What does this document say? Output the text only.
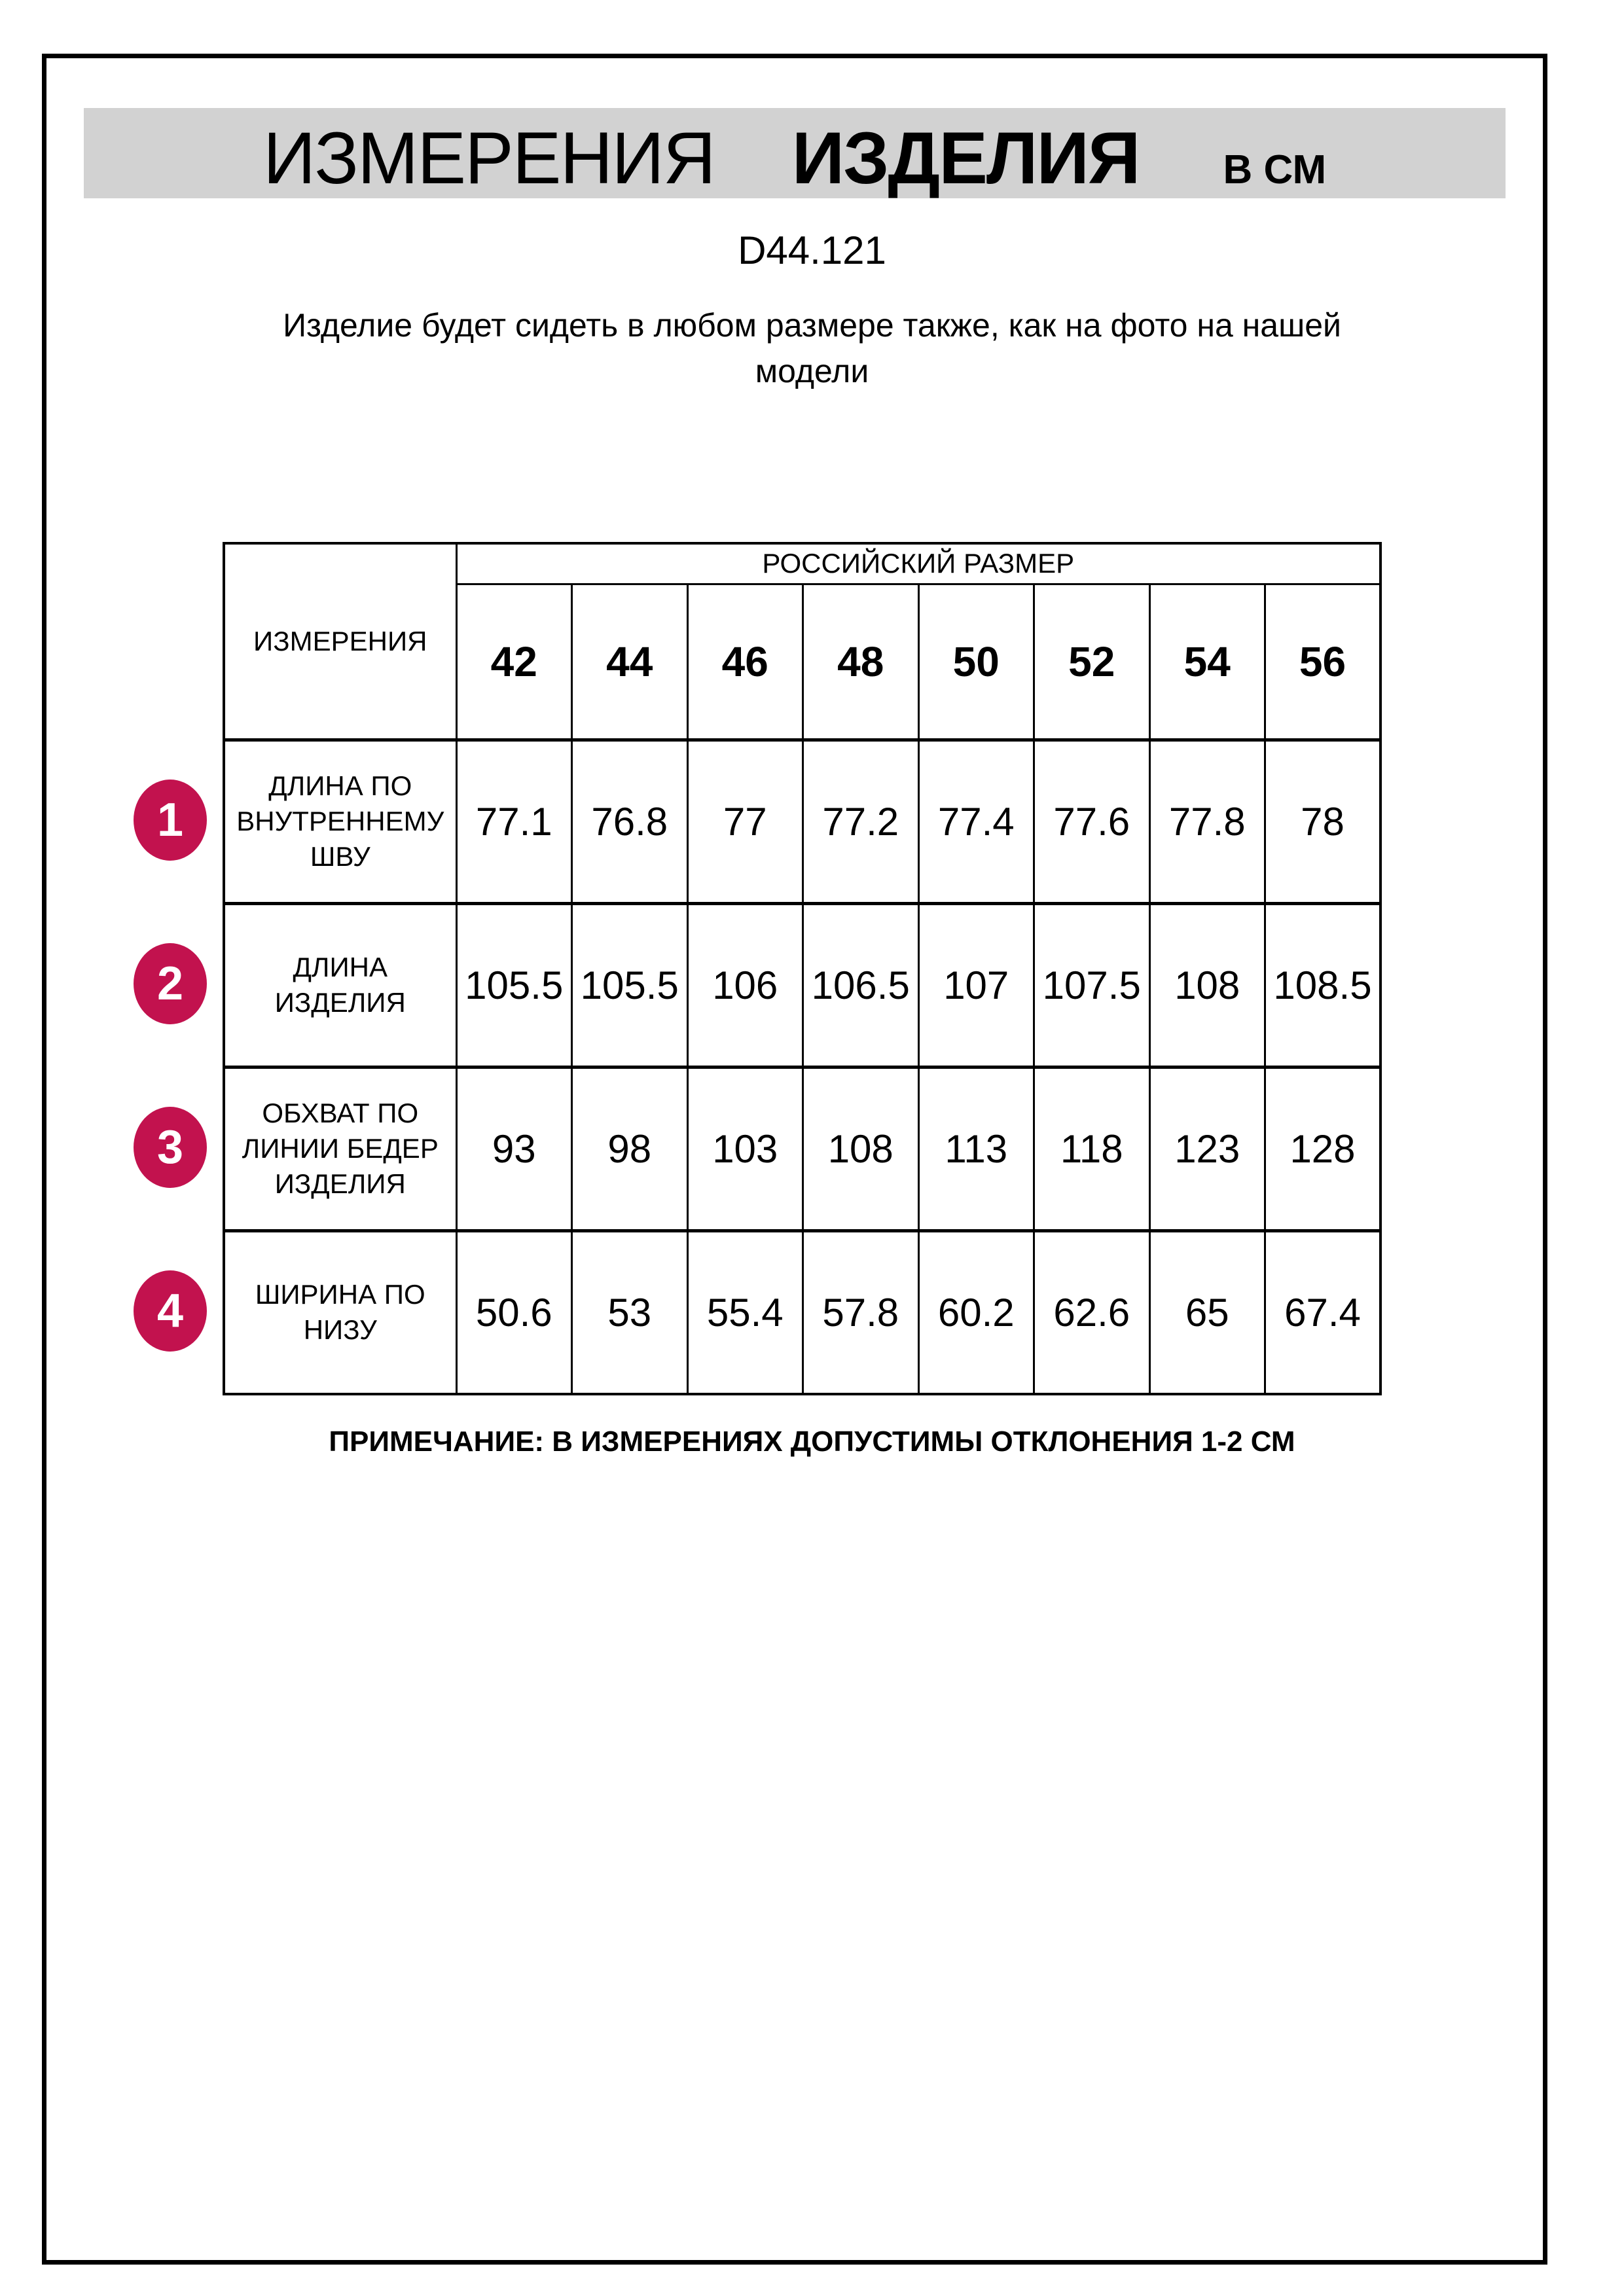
ИЗМЕРЕНИЯ ИЗДЕЛИЯ В СМ
D44.121

Изделие будет сидеть в любом размере также, как на фото на нашей модели

1
2
3
4
ИЗМЕРЕНИЯ	РОССИЙСКИЙ РАЗМЕР							
	42	44	46	48	50	52	54	56
ДЛИНА ПО ВНУТРЕННЕМУ ШВУ	77.1	76.8	77	77.2	77.4	77.6	77.8	78
ДЛИНА ИЗДЕЛИЯ	105.5	105.5	106	106.5	107	107.5	108	108.5
ОБХВАТ ПО ЛИНИИ БЕДЕР ИЗДЕЛИЯ	93	98	103	108	113	118	123	128
ШИРИНА ПО НИЗУ	50.6	53	55.4	57.8	60.2	62.6	65	67.4
ПРИМЕЧАНИЕ: В ИЗМЕРЕНИЯХ ДОПУСТИМЫ ОТКЛОНЕНИЯ 1-2 СМ
